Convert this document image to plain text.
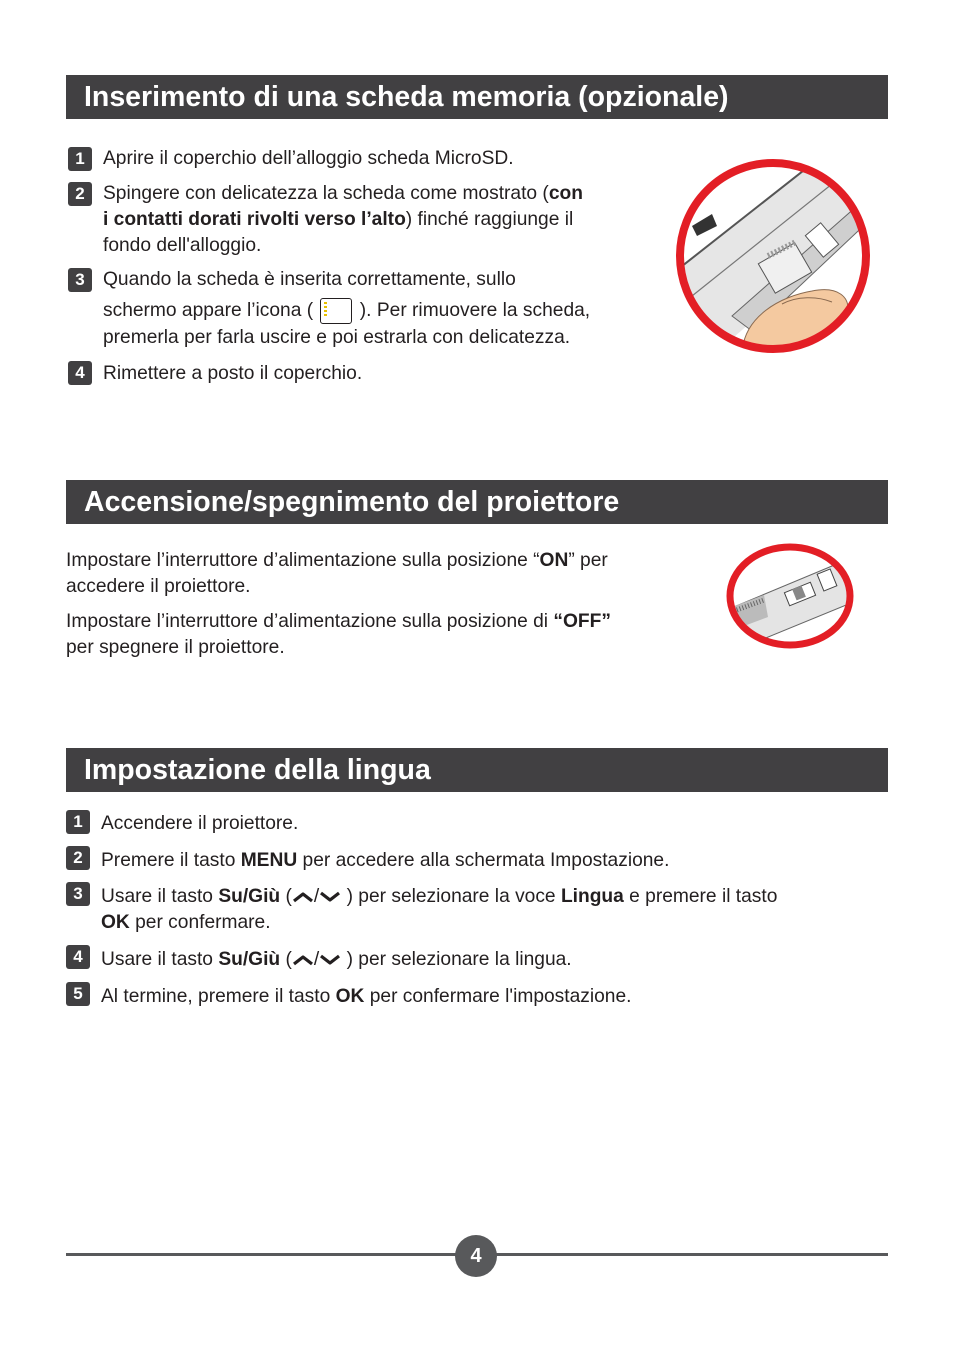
Inserimento di una scheda memoria (opzionale)
1 Aprire il coperchio dell’alloggio scheda MicroSD.
2 Spingere con delicatezza la scheda come mostrato (con
i contatti dorati rivolti verso l’alto) finché raggiunge il
fondo dell'alloggio.
3 Quando la scheda è inserita correttamente, sullo
schermo appare l’icona ( ). Per rimuovere la scheda,
premerla per farla uscire e poi estrarla con delicatezza.
4 Rimettere a posto il coperchio.
Accensione/spegnimento del proiettore
Impostare l’interruttore d’alimentazione sulla posizione “ON” per
accedere il proiettore.
Impostare l’interruttore d’alimentazione sulla posizione di “OFF”
per spegnere il proiettore.
Impostazione della lingua
1 Accendere il proiettore.
2 Premere il tasto MENU per accedere alla schermata Impostazione.
3 Usare il tasto Su/Giù ( / ) per selezionare la voce Lingua e premere il tasto
OK per confermare.
4 Usare il tasto Su/Giù ( / ) per selezionare la lingua.
5 Al termine, premere il tasto OK per confermare l'impostazione.
4
